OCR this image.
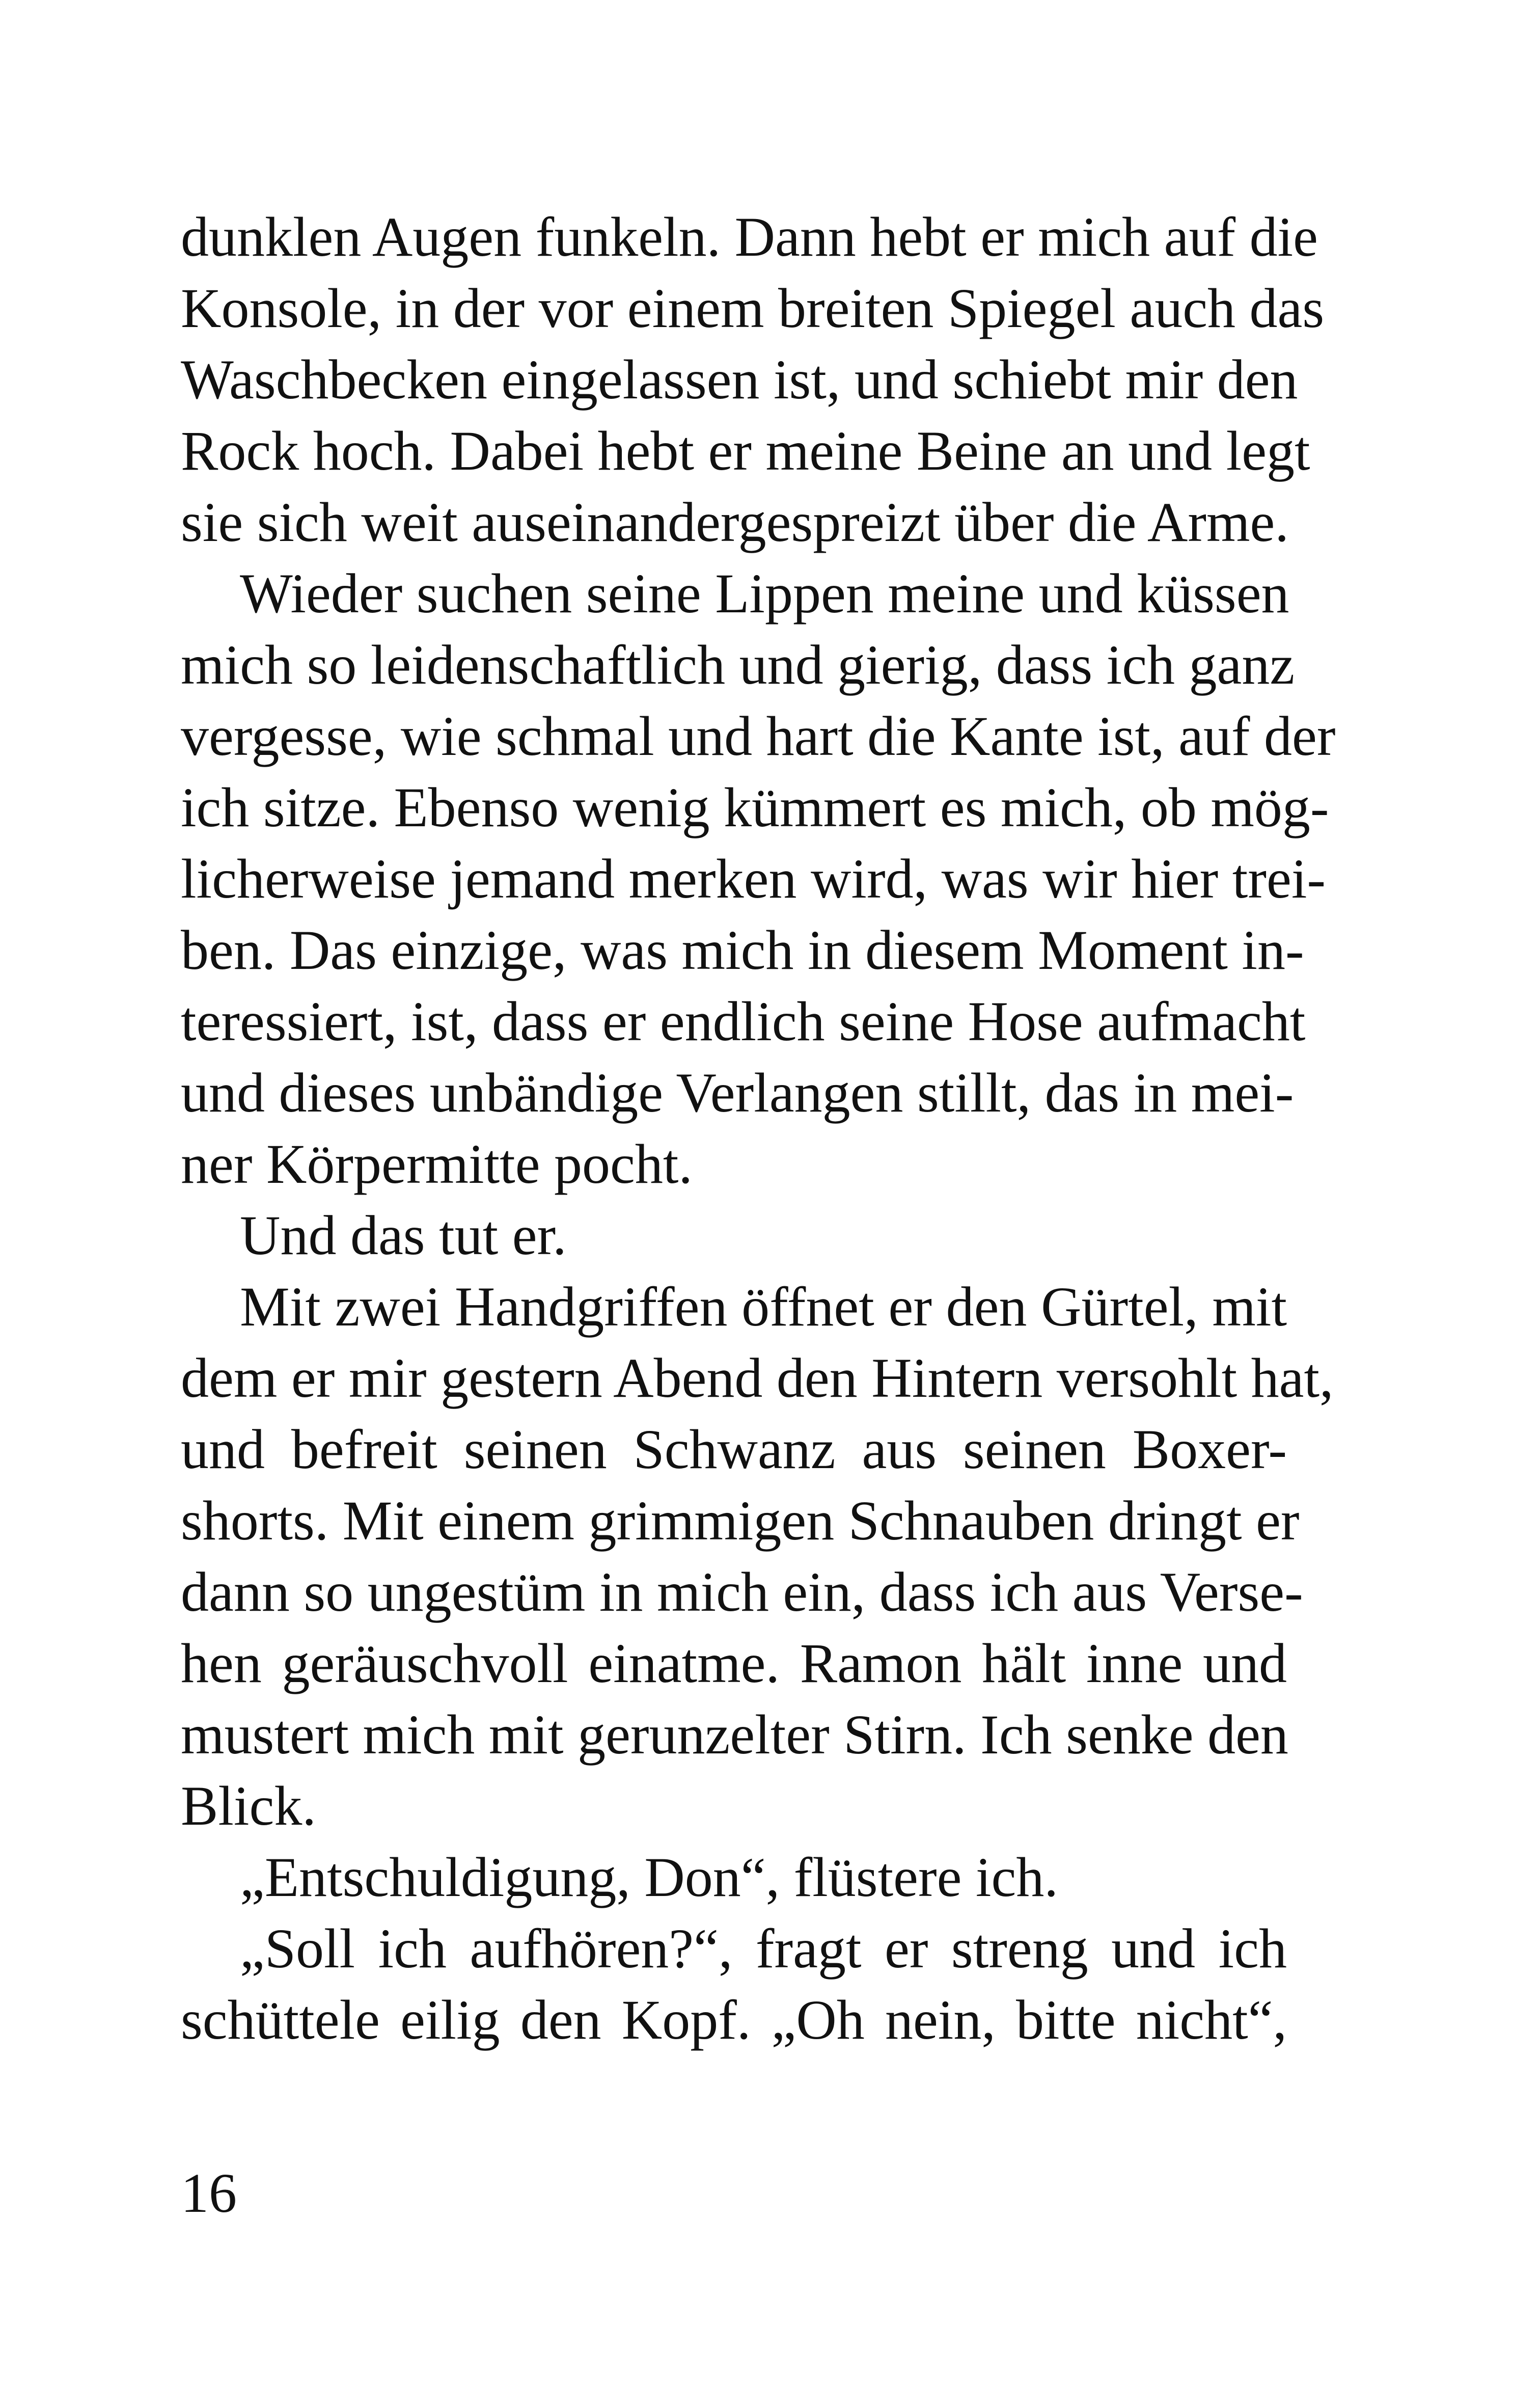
dunklen Augen funkeln. Dann hebt er mich auf die
Konsole, in der vor einem breiten Spiegel auch das
Waschbecken eingelassen ist, und schiebt mir den
Rock hoch. Dabei hebt er meine Beine an und legt
sie sich weit auseinandergespreizt über die Arme.
Wieder suchen seine Lippen meine und küssen
mich so leidenschaftlich und gierig, dass ich ganz
vergesse, wie schmal und hart die Kante ist, auf der
ich sitze. Ebenso wenig kümmert es mich, ob mög-
licherweise jemand merken wird, was wir hier trei-
ben. Das einzige, was mich in diesem Moment in-
teressiert, ist, dass er endlich seine Hose aufmacht
und dieses unbändige Verlangen stillt, das in mei-
ner Körpermitte pocht.
Und das tut er.
Mit zwei Handgriffen öffnet er den Gürtel, mit
dem er mir gestern Abend den Hintern versohlt hat,
und befreit seinen Schwanz aus seinen Boxer-
shorts. Mit einem grimmigen Schnauben dringt er
dann so ungestüm in mich ein, dass ich aus Verse-
hen geräuschvoll einatme. Ramon hält inne und
mustert mich mit gerunzelter Stirn. Ich senke den
Blick.
„Entschuldigung, Don“, flüstere ich.
„Soll ich aufhören?“, fragt er streng und ich
schüttele eilig den Kopf. „Oh nein, bitte nicht“,
16
